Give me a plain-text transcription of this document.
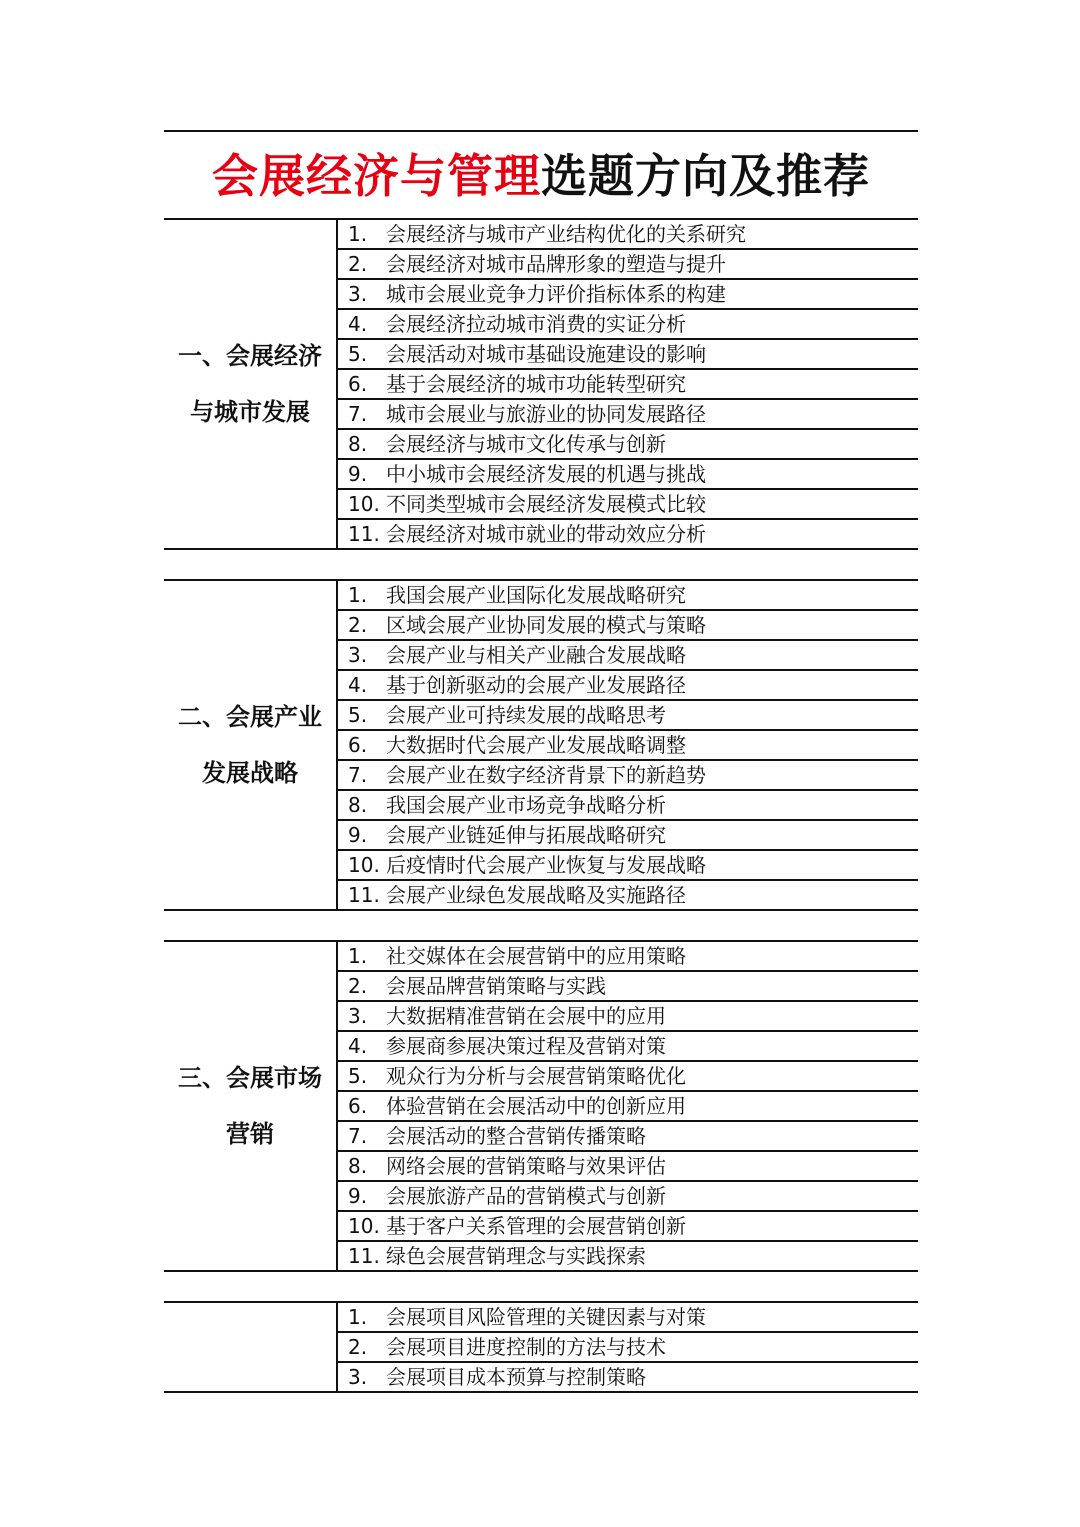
会展经济与管理选题方向及推荐
一、会展经济
与城市发展
1. 会展经济与城市产业结构优化的关系研究
2. 会展经济对城市品牌形象的塑造与提升
3. 城市会展业竞争力评价指标体系的构建
4. 会展经济拉动城市消费的实证分析
5. 会展活动对城市基础设施建设的影响
6. 基于会展经济的城市功能转型研究
7. 城市会展业与旅游业的协同发展路径
8. 会展经济与城市文化传承与创新
9. 中小城市会展经济发展的机遇与挑战
10. 不同类型城市会展经济发展模式比较
11. 会展经济对城市就业的带动效应分析
二、会展产业
发展战略
1. 我国会展产业国际化发展战略研究
2. 区域会展产业协同发展的模式与策略
3. 会展产业与相关产业融合发展战略
4. 基于创新驱动的会展产业发展路径
5. 会展产业可持续发展的战略思考
6. 大数据时代会展产业发展战略调整
7. 会展产业在数字经济背景下的新趋势
8. 我国会展产业市场竞争战略分析
9. 会展产业链延伸与拓展战略研究
10. 后疫情时代会展产业恢复与发展战略
11. 会展产业绿色发展战略及实施路径
三、会展市场
营销
1. 社交媒体在会展营销中的应用策略
2. 会展品牌营销策略与实践
3. 大数据精准营销在会展中的应用
4. 参展商参展决策过程及营销对策
5. 观众行为分析与会展营销策略优化
6. 体验营销在会展活动中的创新应用
7. 会展活动的整合营销传播策略
8. 网络会展的营销策略与效果评估
9. 会展旅游产品的营销模式与创新
10. 基于客户关系管理的会展营销创新
11. 绿色会展营销理念与实践探索
1. 会展项目风险管理的关键因素与对策
2. 会展项目进度控制的方法与技术
3. 会展项目成本预算与控制策略
